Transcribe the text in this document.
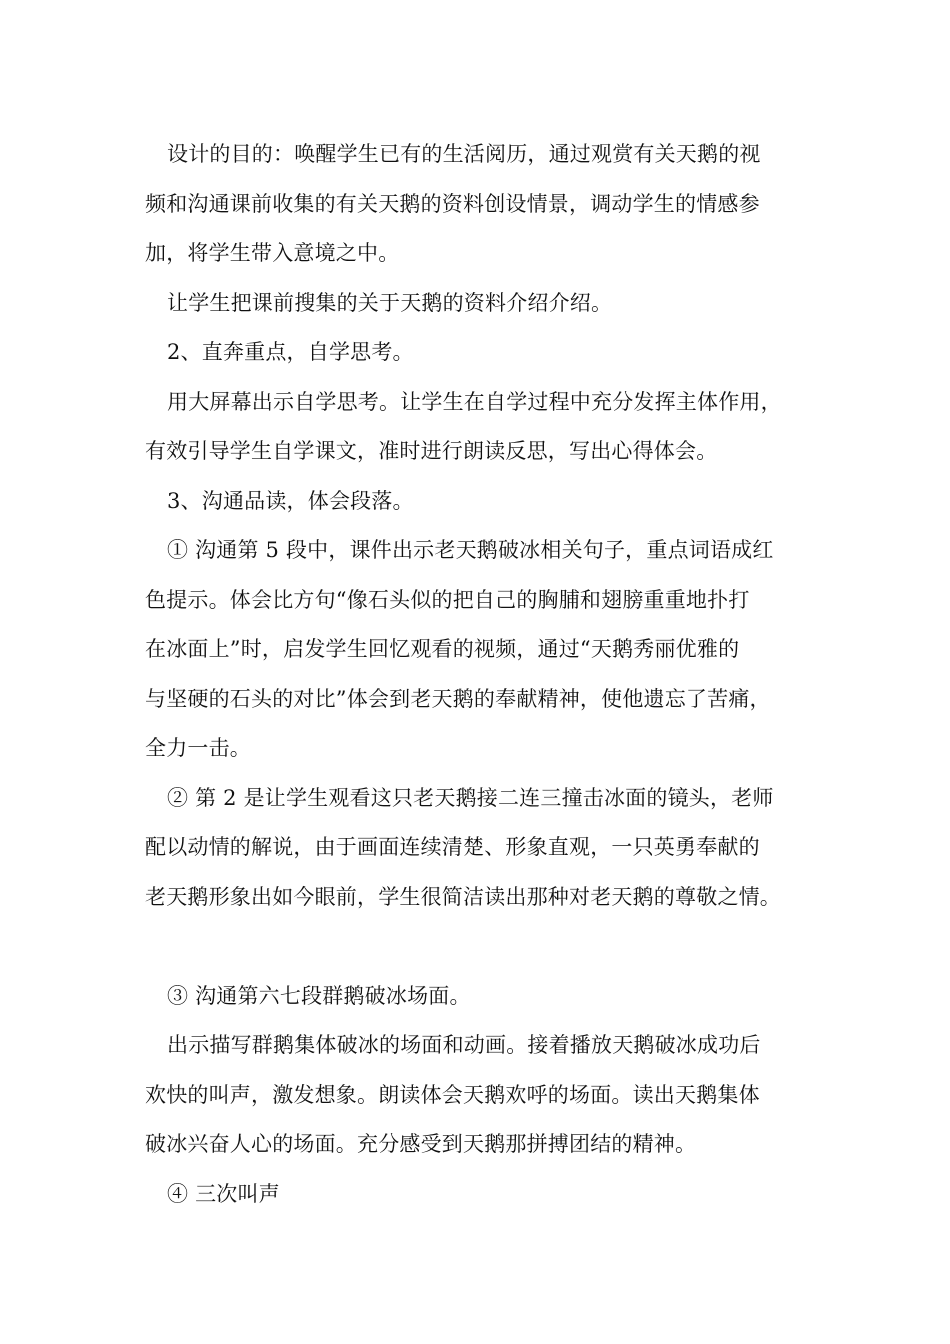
设计的目的：唤醒学生已有的生活阅历，通过观赏有关天鹅的视
频和沟通课前收集的有关天鹅的资料创设情景，调动学生的情感参
加，将学生带入意境之中。
让学生把课前搜集的关于天鹅的资料介绍介绍。
2、直奔重点，自学思考。
用大屏幕出示自学思考。让学生在自学过程中充分发挥主体作用，
有效引导学生自学课文，准时进行朗读反思，写出心得体会。
3、沟通品读，体会段落。
① 沟通第 5 段中，课件出示老天鹅破冰相关句子，重点词语成红
色提示。体会比方句“像石头似的把自己的胸脯和翅膀重重地扑打
在冰面上”时，启发学生回忆观看的视频，通过“天鹅秀丽优雅的
与坚硬的石头的对比”体会到老天鹅的奉献精神，使他遗忘了苦痛，
全力一击。
② 第 2 是让学生观看这只老天鹅接二连三撞击冰面的镜头，老师
配以动情的解说，由于画面连续清楚、形象直观，一只英勇奉献的
老天鹅形象出如今眼前，学生很简洁读出那种对老天鹅的尊敬之情。
③ 沟通第六七段群鹅破冰场面。
出示描写群鹅集体破冰的场面和动画。接着播放天鹅破冰成功后
欢快的叫声，激发想象。朗读体会天鹅欢呼的场面。读出天鹅集体
破冰兴奋人心的场面。充分感受到天鹅那拼搏团结的精神。
④ 三次叫声
